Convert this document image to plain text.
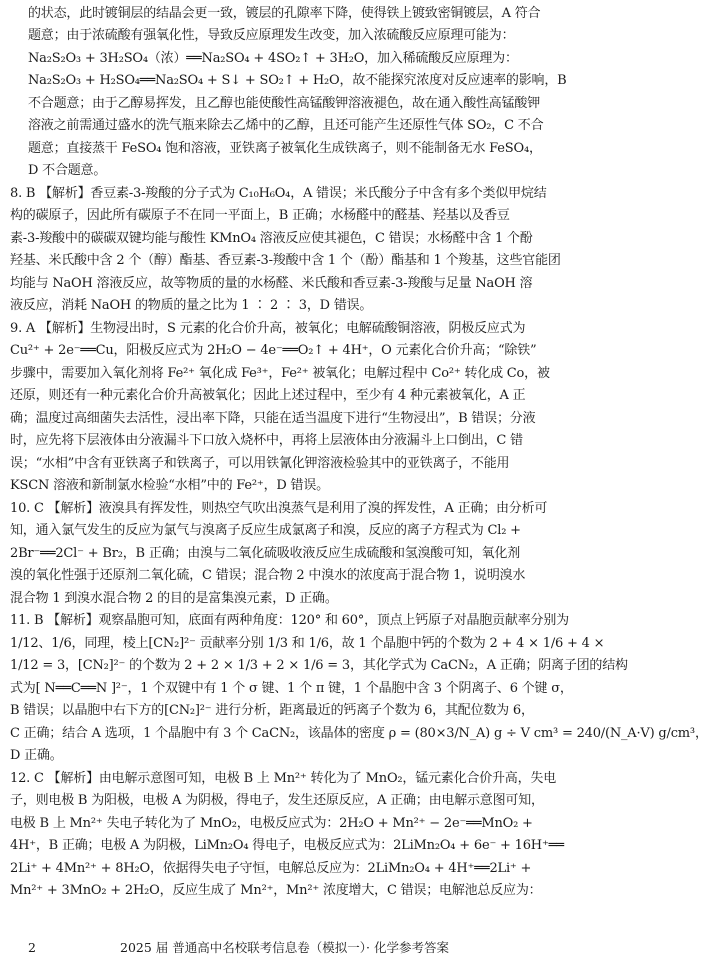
的状态，此时镀铜层的结晶会更一致，镀层的孔隙率下降，使得铁上镀致密铜镀层，A 符合
题意；由于浓硫酸有强氧化性，导致反应原理发生改变，加入浓硫酸反应原理可能为：
Na₂S₂O₃ + 3H₂SO₄（浓）══Na₂SO₄ + 4SO₂↑ + 3H₂O，加入稀硫酸反应原理为：
Na₂S₂O₃ + H₂SO₄══Na₂SO₄ + S↓ + SO₂↑ + H₂O，故不能探究浓度对反应速率的影响，B
不合题意；由于乙醇易挥发，且乙醇也能使酸性高锰酸钾溶液褪色，故在通入酸性高锰酸钾
溶液之前需通过盛水的洗气瓶来除去乙烯中的乙醇，且还可能产生还原性气体 SO₂，C 不合
题意；直接蒸干 FeSO₄ 饱和溶液，亚铁离子被氧化生成铁离子，则不能制备无水 FeSO₄，
D 不合题意。
8. B 【解析】香豆素-3-羧酸的分子式为 C₁₀H₆O₄，A 错误；米氏酸分子中含有多个类似甲烷结
构的碳原子，因此所有碳原子不在同一平面上，B 正确；水杨醛中的醛基、羟基以及香豆
素-3-羧酸中的碳碳双键均能与酸性 KMnO₄ 溶液反应使其褪色，C 错误；水杨醛中含 1 个酚
羟基、米氏酸中含 2 个（醇）酯基、香豆素-3-羧酸中含 1 个（酚）酯基和 1 个羧基，这些官能团
均能与 NaOH 溶液反应，故等物质的量的水杨醛、米氏酸和香豆素-3-羧酸与足量 NaOH 溶
液反应，消耗 NaOH 的物质的量之比为 1 ∶ 2 ∶ 3，D 错误。
9. A 【解析】生物浸出时，S 元素的化合价升高，被氧化；电解硫酸铜溶液，阴极反应式为
Cu²⁺ + 2e⁻══Cu，阳极反应式为 2H₂O − 4e⁻══O₂↑ + 4H⁺，O 元素化合价升高；“除铁”
步骤中，需要加入氧化剂将 Fe²⁺ 氧化成 Fe³⁺，Fe²⁺ 被氧化；电解过程中 Co²⁺ 转化成 Co，被
还原，则还有一种元素化合价升高被氧化；因此上述过程中，至少有 4 种元素被氧化，A 正
确；温度过高细菌失去活性，浸出率下降，只能在适当温度下进行“生物浸出”，B 错误；分液
时，应先将下层液体由分液漏斗下口放入烧杯中，再将上层液体由分液漏斗上口倒出，C 错
误；“水相”中含有亚铁离子和铁离子，可以用铁氰化钾溶液检验其中的亚铁离子，不能用
KSCN 溶液和新制氯水检验“水相”中的 Fe²⁺，D 错误。
10. C 【解析】液溴具有挥发性，则热空气吹出溴蒸气是利用了溴的挥发性，A 正确；由分析可
知，通入氯气发生的反应为氯气与溴离子反应生成氯离子和溴，反应的离子方程式为 Cl₂ +
2Br⁻══2Cl⁻ + Br₂，B 正确；由溴与二氧化硫吸收液反应生成硫酸和氢溴酸可知，氧化剂
溴的氧化性强于还原剂二氧化硫，C 错误；混合物 2 中溴水的浓度高于混合物 1，说明溴水
混合物 1 到溴水混合物 2 的目的是富集溴元素，D 正确。
11. B 【解析】观察晶胞可知，底面有两种角度：120° 和 60°，顶点上钙原子对晶胞贡献率分别为
1/12、1/6，同理，棱上[CN₂]²⁻ 贡献率分别 1/3 和 1/6，故 1 个晶胞中钙的个数为 2 + 4 × 1/6 + 4 ×
1/12 = 3，[CN₂]²⁻ 的个数为 2 + 2 × 1/3 + 2 × 1/6 = 3，其化学式为 CaCN₂，A 正确；阴离子团的结构
式为[ N══C══N ]²⁻，1 个双键中有 1 个 σ 键、1 个 π 键，1 个晶胞中含 3 个阴离子、6 个键 σ，
B 错误；以晶胞中右下方的[CN₂]²⁻ 进行分析，距离最近的钙离子个数为 6，其配位数为 6，
C 正确；结合 A 选项，1 个晶胞中有 3 个 CaCN₂，该晶体的密度 ρ = (80×3/N_A) g ÷ V cm³ = 240/(N_A·V) g/cm³，
D 正确。
12. C 【解析】由电解示意图可知，电极 B 上 Mn²⁺ 转化为了 MnO₂，锰元素化合价升高，失电
子，则电极 B 为阳极，电极 A 为阴极，得电子，发生还原反应，A 正确；由电解示意图可知，
电极 B 上 Mn²⁺ 失电子转化为了 MnO₂，电极反应式为：2H₂O + Mn²⁺ − 2e⁻══MnO₂ +
4H⁺，B 正确；电极 A 为阴极，LiMn₂O₄ 得电子，电极反应式为：2LiMn₂O₄ + 6e⁻ + 16H⁺══
2Li⁺ + 4Mn²⁺ + 8H₂O，依据得失电子守恒，电解总反应为：2LiMn₂O₄ + 4H⁺══2Li⁺ +
Mn²⁺ + 3MnO₂ + 2H₂O，反应生成了 Mn²⁺，Mn²⁺ 浓度增大，C 错误；电解池总反应为：
2	2025 届 普通高中名校联考信息卷（模拟一）· 化学参考答案
